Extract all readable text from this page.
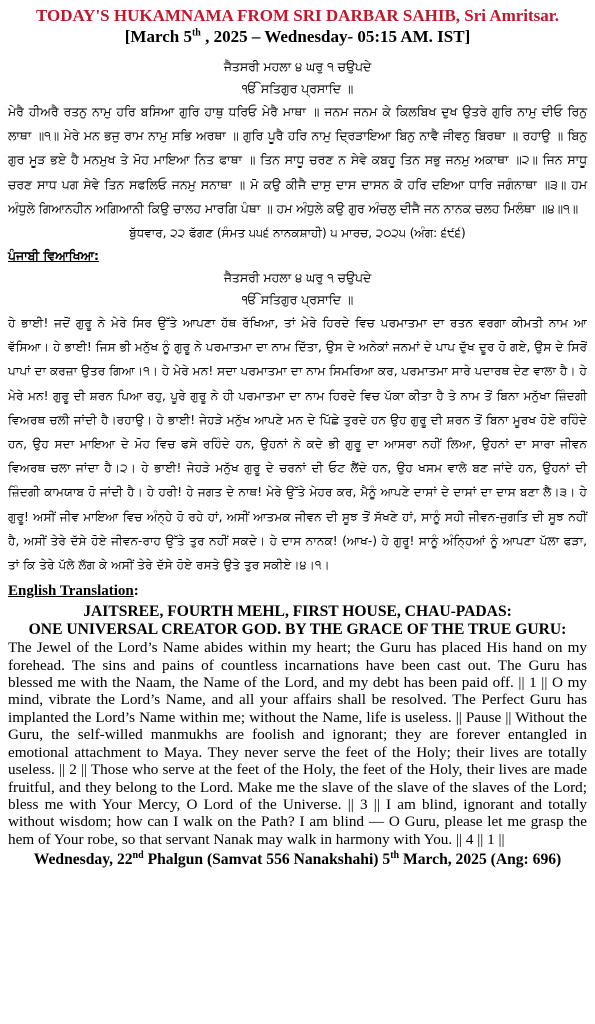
TODAY'S HUKAMNAMA FROM SRI DARBAR SAHIB, Sri Amritsar.

[March 5th , 2025 – Wednesday- 05:15 AM. IST]

ਜੈਤਸਰੀ ਮਹਲਾ ੪ ਘਰੁ ੧ ਚਉਪਦੇ

ੴ ਸਤਿਗੁਰ ਪ੍ਰਸਾਦਿ ॥

ਮੇਰੈ ਹੀਅਰੈ ਰਤਨੁ ਨਾਮੁ ਹਰਿ ਬਸਿਆ ਗੁਰਿ ਹਾਥੁ ਧਰਿਓ ਮੇਰੈ ਮਾਥਾ ॥ ਜਨਮ ਜਨਮ ਕੇ ਕਿਲਬਿਖ ਦੁਖ ਉਤਰੇ ਗੁਰਿ ਨਾਮੁ ਦੀਓ ਰਿਨੁ ਲਾਥਾ ॥੧॥ ਮੇਰੇ ਮਨ ਭਜੁ ਰਾਮ ਨਾਮੁ ਸਭਿ ਅਰਥਾ ॥ ਗੁਰਿ ਪੂਰੈ ਹਰਿ ਨਾਮੁ ਦ੍ਰਿੜਾਇਆ ਬਿਨੁ ਨਾਵੈ ਜੀਵਨੁ ਬਿਰਥਾ ॥ ਰਹਾਉ ॥ ਬਿਨੁ ਗੁਰ ਮੂੜ ਭਏ ਹੈ ਮਨਮੁਖ ਤੇ ਮੋਹ ਮਾਇਆ ਨਿਤ ਫਾਥਾ ॥ ਤਿਨ ਸਾਧੂ ਚਰਣ ਨ ਸੇਵੇ ਕਬਹੂ ਤਿਨ ਸਭੁ ਜਨਮੁ ਅਕਾਥਾ ॥੨॥ ਜਿਨ ਸਾਧੂ ਚਰਣ ਸਾਧ ਪਗ ਸੇਵੇ ਤਿਨ ਸਫਲਿਓ ਜਨਮੁ ਸਨਾਥਾ ॥ ਮੋ ਕਉ ਕੀਜੈ ਦਾਸੁ ਦਾਸ ਦਾਸਨ ਕੋ ਹਰਿ ਦਇਆ ਧਾਰਿ ਜਗੰਨਾਥਾ ॥੩॥ ਹਮ ਅੰਧੁਲੇ ਗਿਆਨਹੀਨ ਅਗਿਆਨੀ ਕਿਉ ਚਾਲਹ ਮਾਰਗਿ ਪੰਥਾ ॥ ਹਮ ਅੰਧੁਲੇ ਕਉ ਗੁਰ ਅੰਚਲੁ ਦੀਜੈ ਜਨ ਨਾਨਕ ਚਲਹ ਮਿਲੰਥਾ ॥੪॥੧॥

ਬੁੱਧਵਾਰ, ੨੨ ਫੱਗਣ (ਸੰਮਤ ੫੫੬ ਨਾਨਕਸ਼ਾਹੀ) ੫ ਮਾਰਚ, ੨੦੨੫ (ਅੰਗ: ੬੯੬)

ਪੰਜਾਬੀ ਵਿਆਖਿਆ:

ਜੈਤਸਰੀ ਮਹਲਾ ੪ ਘਰੁ ੧ ਚਉਪਦੇ

ੴ ਸਤਿਗੁਰ ਪ੍ਰਸਾਦਿ ॥

ਹੇ ਭਾਈ! ਜਦੋਂ ਗੁਰੂ ਨੇ ਮੇਰੇ ਸਿਰ ਉੱਤੇ ਆਪਣਾ ਹੱਥ ਰੱਖਿਆ, ਤਾਂ ਮੇਰੇ ਹਿਰਦੇ ਵਿਚ ਪਰਮਾਤਮਾ ਦਾ ਰਤਨ ਵਰਗਾ ਕੀਮਤੀ ਨਾਮ ਆ ਵੱਸਿਆ। ਹੇ ਭਾਈ! ਜਿਸ ਭੀ ਮਨੁੱਖ ਨੂੰ ਗੁਰੂ ਨੇ ਪਰਮਾਤਮਾ ਦਾ ਨਾਮ ਦਿੱਤਾ, ਉਸ ਦੇ ਅਨੇਕਾਂ ਜਨਮਾਂ ਦੇ ਪਾਪ ਦੁੱਖ ਦੂਰ ਹੋ ਗਏ, ਉਸ ਦੇ ਸਿਰੋਂ ਪਾਪਾਂ ਦਾ ਕਰਜ਼ਾ ਉਤਰ ਗਿਆ।੧। ਹੇ ਮੇਰੇ ਮਨ! ਸਦਾ ਪਰਮਾਤਮਾ ਦਾ ਨਾਮ ਸਿਮਰਿਆ ਕਰ, ਪਰਮਾਤਮਾ ਸਾਰੇ ਪਦਾਰਥ ਦੇਣ ਵਾਲਾ ਹੈ। ਹੇ ਮੇਰੇ ਮਨ! ਗੁਰੂ ਦੀ ਸ਼ਰਨ ਪਿਆ ਰਹੁ, ਪੂਰੇ ਗੁਰੂ ਨੇ ਹੀ ਪਰਮਾਤਮਾ ਦਾ ਨਾਮ ਹਿਰਦੇ ਵਿਚ ਪੱਕਾ ਕੀਤਾ ਹੈ ਤੇ ਨਾਮ ਤੋਂ ਬਿਨਾ ਮਨੁੱਖਾ ਜ਼ਿੰਦਗੀ ਵਿਅਰਥ ਚਲੀ ਜਾਂਦੀ ਹੈ।ਰਹਾਉ। ਹੇ ਭਾਈ! ਜੇਹੜੇ ਮਨੁੱਖ ਆਪਣੇ ਮਨ ਦੇ ਪਿੱਛੇ ਤੁਰਦੇ ਹਨ ਉਹ ਗੁਰੂ ਦੀ ਸ਼ਰਨ ਤੋਂ ਬਿਨਾ ਮੂਰਖ ਹੋਏ ਰਹਿੰਦੇ ਹਨ, ਉਹ ਸਦਾ ਮਾਇਆ ਦੇ ਮੋਹ ਵਿਚ ਫਸੇ ਰਹਿੰਦੇ ਹਨ, ਉਹਨਾਂ ਨੇ ਕਦੇ ਭੀ ਗੁਰੂ ਦਾ ਆਸਰਾ ਨਹੀਂ ਲਿਆ, ਉਹਨਾਂ ਦਾ ਸਾਰਾ ਜੀਵਨ ਵਿਅਰਥ ਚਲਾ ਜਾਂਦਾ ਹੈ।੨। ਹੇ ਭਾਈ! ਜੇਹੜੇ ਮਨੁੱਖ ਗੁਰੂ ਦੇ ਚਰਨਾਂ ਦੀ ਓਟ ਲੈਂਦੇ ਹਨ, ਉਹ ਖਸਮ ਵਾਲੇ ਬਣ ਜਾਂਦੇ ਹਨ, ਉਹਨਾਂ ਦੀ ਜ਼ਿੰਦਗੀ ਕਾਮਯਾਬ ਹੋ ਜਾਂਦੀ ਹੈ। ਹੇ ਹਰੀ! ਹੇ ਜਗਤ ਦੇ ਨਾਥ! ਮੇਰੇ ਉੱਤੇ ਮੇਹਰ ਕਰ, ਮੈਨੂੰ ਆਪਣੇ ਦਾਸਾਂ ਦੇ ਦਾਸਾਂ ਦਾ ਦਾਸ ਬਣਾ ਲੈ।੩। ਹੇ ਗੁਰੂ! ਅਸੀਂ ਜੀਵ ਮਾਇਆ ਵਿਚ ਅੰਨ੍ਹੇ ਹੋ ਰਹੇ ਹਾਂ, ਅਸੀਂ ਆਤਮਕ ਜੀਵਨ ਦੀ ਸੂਝ ਤੋਂ ਸੱਖਣੇ ਹਾਂ, ਸਾਨੂੰ ਸਹੀ ਜੀਵਨ-ਜੁਗਤਿ ਦੀ ਸੂਝ ਨਹੀਂ ਹੈ, ਅਸੀਂ ਤੇਰੇ ਦੱਸੇ ਹੋਏ ਜੀਵਨ-ਰਾਹ ਉੱਤੇ ਤੁਰ ਨਹੀਂ ਸਕਦੇ। ਹੇ ਦਾਸ ਨਾਨਕ! (ਆਖ-) ਹੇ ਗੁਰੂ! ਸਾਨੂੰ ਅੰਨ੍ਹਿਆਂ ਨੂੰ ਆਪਣਾ ਪੱਲਾ ਫੜਾ, ਤਾਂ ਕਿ ਤੇਰੇ ਪੱਲੇ ਲੱਗ ਕੇ ਅਸੀਂ ਤੇਰੇ ਦੱਸੇ ਹੋਏ ਰਸਤੇ ਉਤੇ ਤੁਰ ਸਕੀਏ।੪।੧।

English Translation:

JAITSREE, FOURTH MEHL, FIRST HOUSE, CHAU-PADAS:

ONE UNIVERSAL CREATOR GOD. BY THE GRACE OF THE TRUE GURU:

The Jewel of the Lord’s Name abides within my heart; the Guru has placed His hand on my forehead. The sins and pains of countless incarnations have been cast out. The Guru has blessed me with the Naam, the Name of the Lord, and my debt has been paid off. || 1 || O my mind, vibrate the Lord’s Name, and all your affairs shall be resolved. The Perfect Guru has implanted the Lord’s Name within me; without the Name, life is useless. || Pause || Without the Guru, the self-willed manmukhs are foolish and ignorant; they are forever entangled in emotional attachment to Maya. They never serve the feet of the Holy; their lives are totally useless. || 2 || Those who serve at the feet of the Holy, the feet of the Holy, their lives are made fruitful, and they belong to the Lord. Make me the slave of the slave of the slaves of the Lord; bless me with Your Mercy, O Lord of the Universe. || 3 || I am blind, ignorant and totally without wisdom; how can I walk on the Path? I am blind — O Guru, please let me grasp the hem of Your robe, so that servant Nanak may walk in harmony with You. || 4 || 1 ||

Wednesday, 22nd Phalgun (Samvat 556 Nanakshahi) 5th March, 2025 (Ang: 696)
